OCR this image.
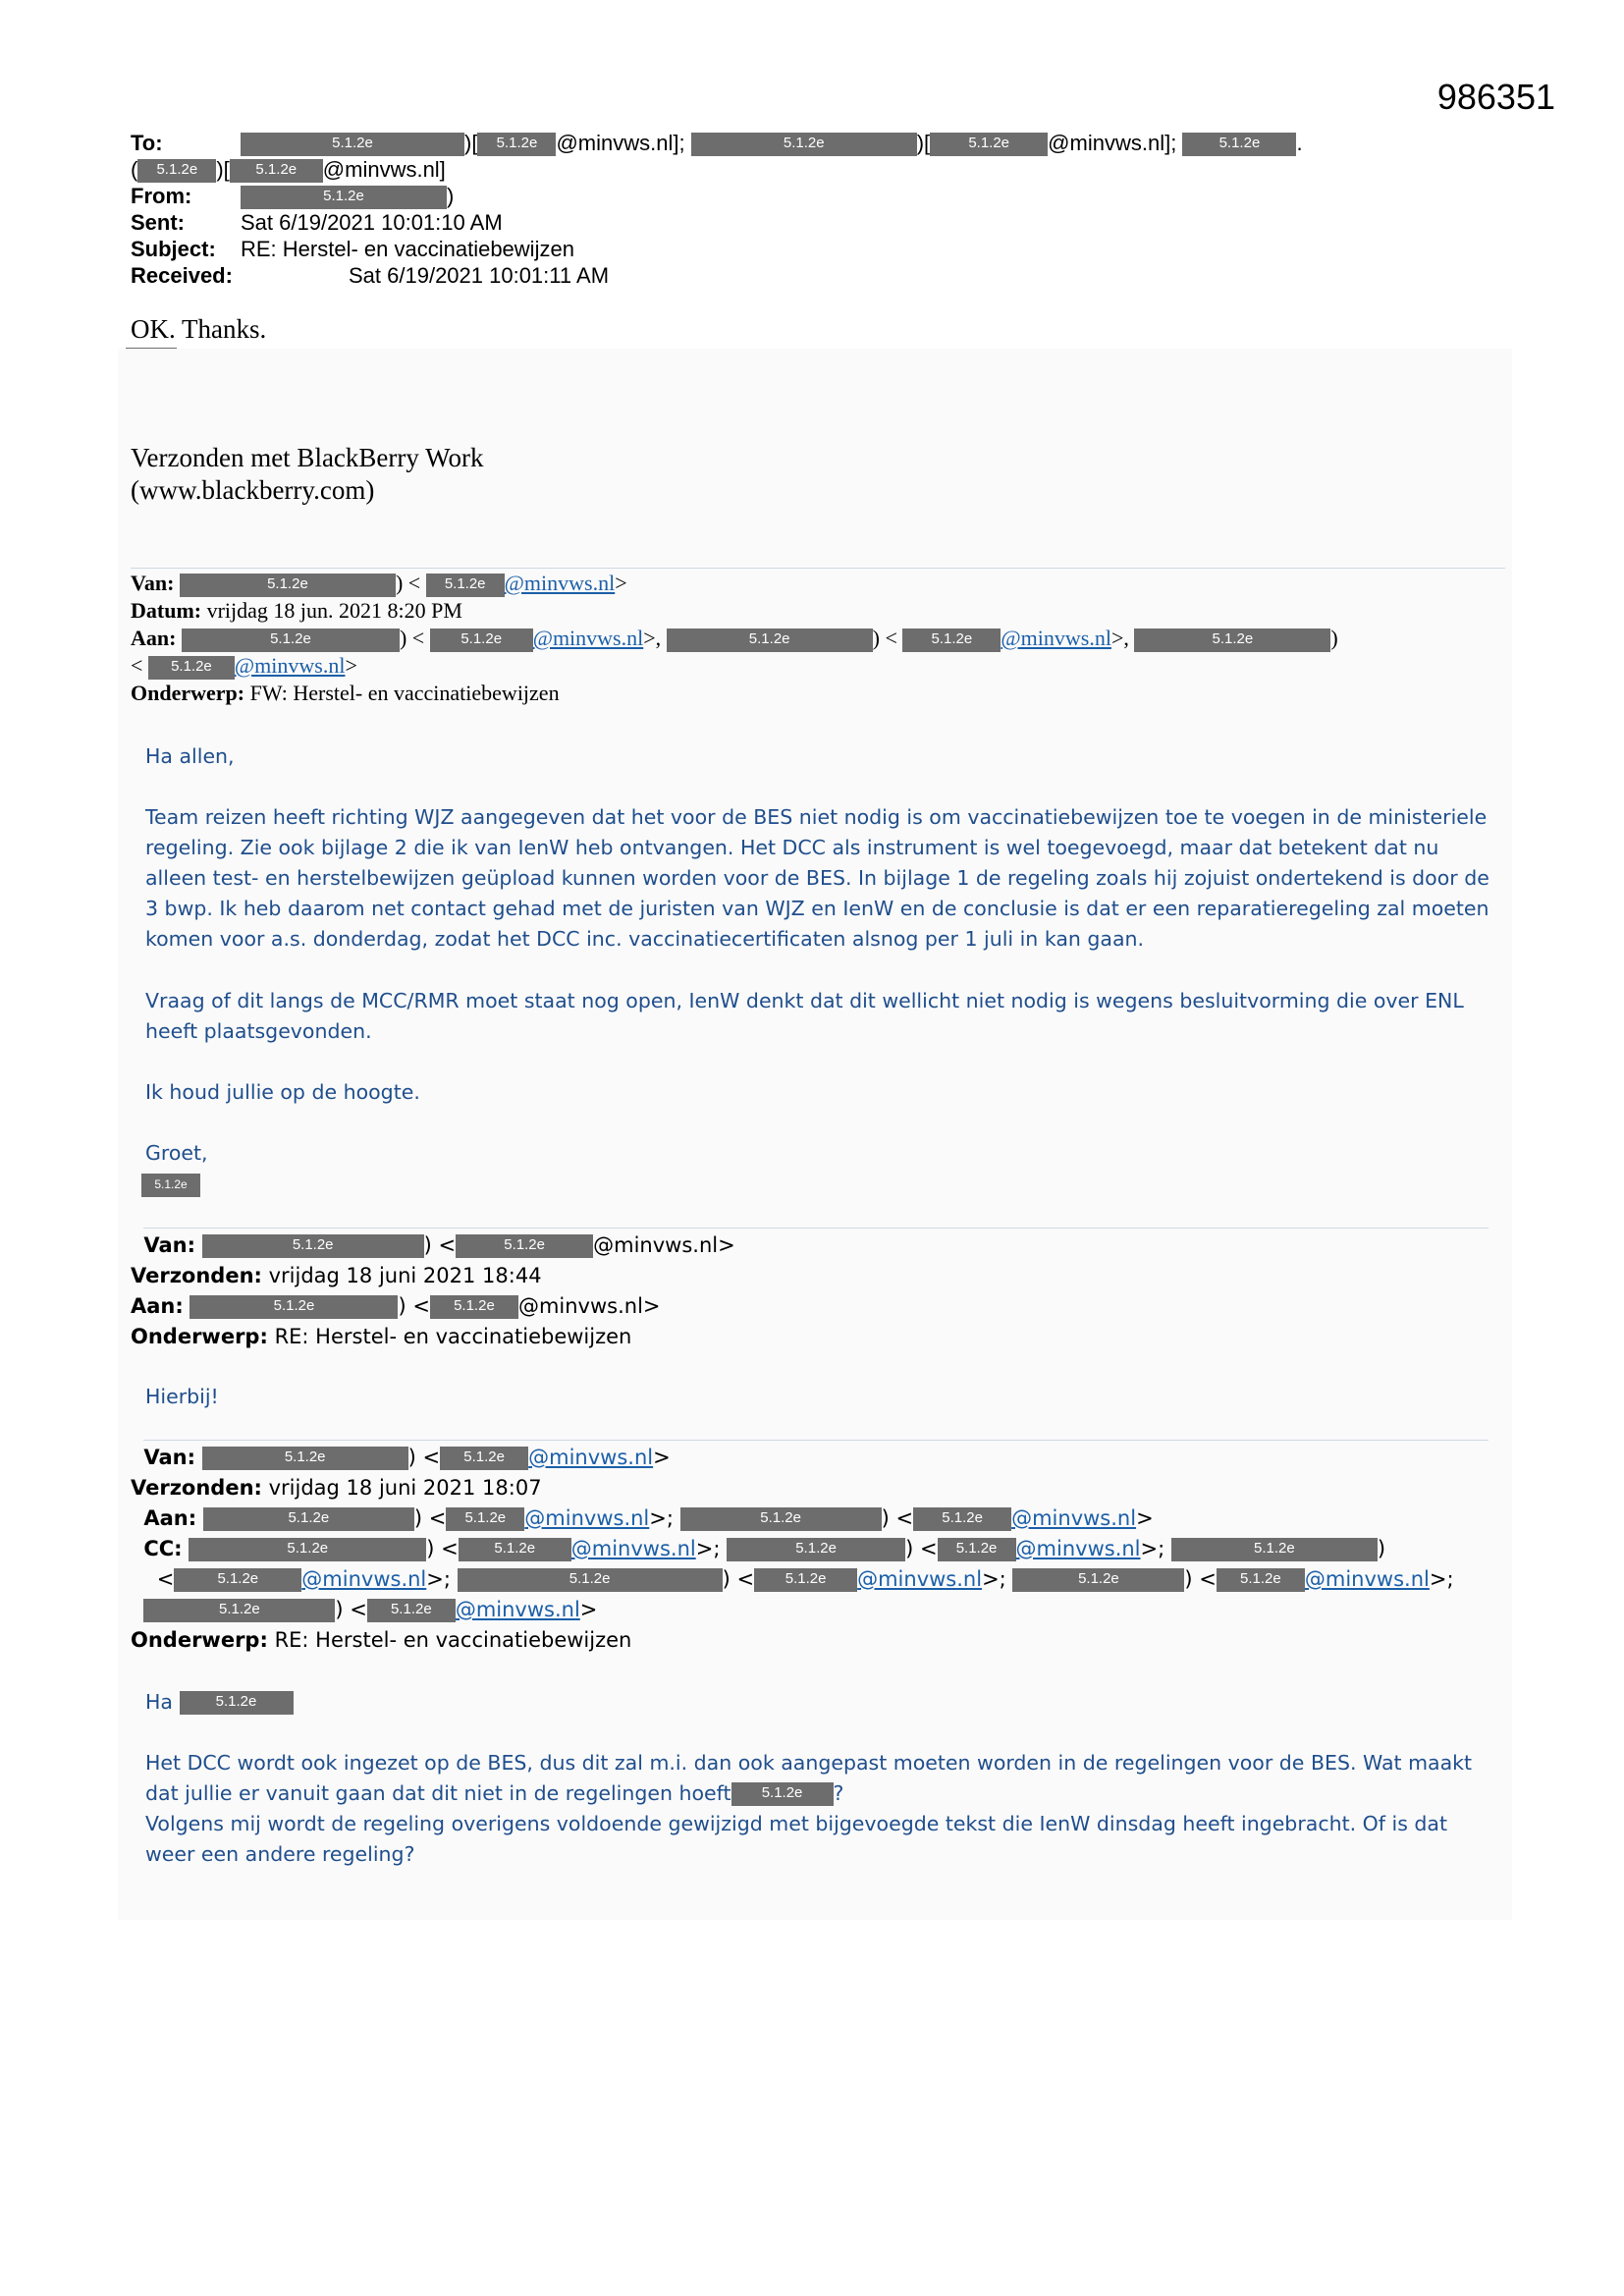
986351
To:	5.1.2e	)[ 5.1.2e @minvws.nl];	5.1.2e	)[	5.1.2e @minvws.nl];	5.1.2e .
( 5.1.2e )[ 5.1.2e @minvws.nl]
From:	5.1.2e	)
Sent:	Sat 6/19/2021 10:01:10 AM
Subject: RE: Herstel- en vaccinatiebewijzen
Received:	Sat 6/19/2021 10:01:11 AM
OK. Thanks.
Verzonden met BlackBerry Work
(www.blackberry.com)
Van:	5.1.2e	) < 5.1.2e @minvws.nl>
Datum: vrijdag 18 jun. 2021 8:20 PM
Aan:	5.1.2e	) < 5.1.2e @minvws.nl>,	5.1.2e	) < 5.1.2e @minvws.nl>,	5.1.2e	)
< 5.1.2e @minvws.nl>
Onderwerp: FW: Herstel- en vaccinatiebewijzen
Ha allen,
Team reizen heeft richting WJZ aangegeven dat het voor de BES niet nodig is om vaccinatiebewijzen toe te voegen in de ministeriele regeling. Zie ook bijlage 2 die ik van IenW heb ontvangen. Het DCC als instrument is wel toegevoegd, maar dat betekent dat nu alleen test- en herstelbewijzen geüpload kunnen worden voor de BES. In bijlage 1 de regeling zoals hij zojuist ondertekend is door de 3 bwp. Ik heb daarom net contact gehad met de juristen van WJZ en IenW en de conclusie is dat er een reparatieregeling zal moeten komen voor a.s. donderdag, zodat het DCC inc. vaccinatiecertificaten alsnog per 1 juli in kan gaan.
Vraag of dit langs de MCC/RMR moet staat nog open, IenW denkt dat dit wellicht niet nodig is wegens besluitvorming die over ENL heeft plaatsgevonden.
Ik houd jullie op de hoogte.
Groet,
5.1.2e
Van:	5.1.2e	) <	5.1.2e @minvws.nl>
Verzonden: vrijdag 18 juni 2021 18:44
Aan:	5.1.2e	) < 5.1.2e @minvws.nl>
Onderwerp: RE: Herstel- en vaccinatiebewijzen
Hierbij!
Van:	5.1.2e	) < 5.1.2e @minvws.nl>
Verzonden: vrijdag 18 juni 2021 18:07
Aan:	5.1.2e	) < 5.1.2e @minvws.nl>;	5.1.2e	) < 5.1.2e @minvws.nl>
CC:	5.1.2e	) < 5.1.2e @minvws.nl>;	5.1.2e	) < 5.1.2e @minvws.nl>;	5.1.2e	)
<	5.1.2e @minvws.nl>;	5.1.2e	) < 5.1.2e @minvws.nl>;	5.1.2e	) < 5.1.2e @minvws.nl>;
5.1.2e	) < 5.1.2e @minvws.nl>
Onderwerp: RE: Herstel- en vaccinatiebewijzen
Ha	5.1.2e
Het DCC wordt ook ingezet op de BES, dus dit zal m.i. dan ook aangepast moeten worden in de regelingen voor de BES. Wat maakt
dat jullie er vanuit gaan dat dit niet in de regelingen hoeft 5.1.2e ?
Volgens mij wordt de regeling overigens voldoende gewijzigd met bijgevoegde tekst die IenW dinsdag heeft ingebracht. Of is dat weer een andere regeling?
